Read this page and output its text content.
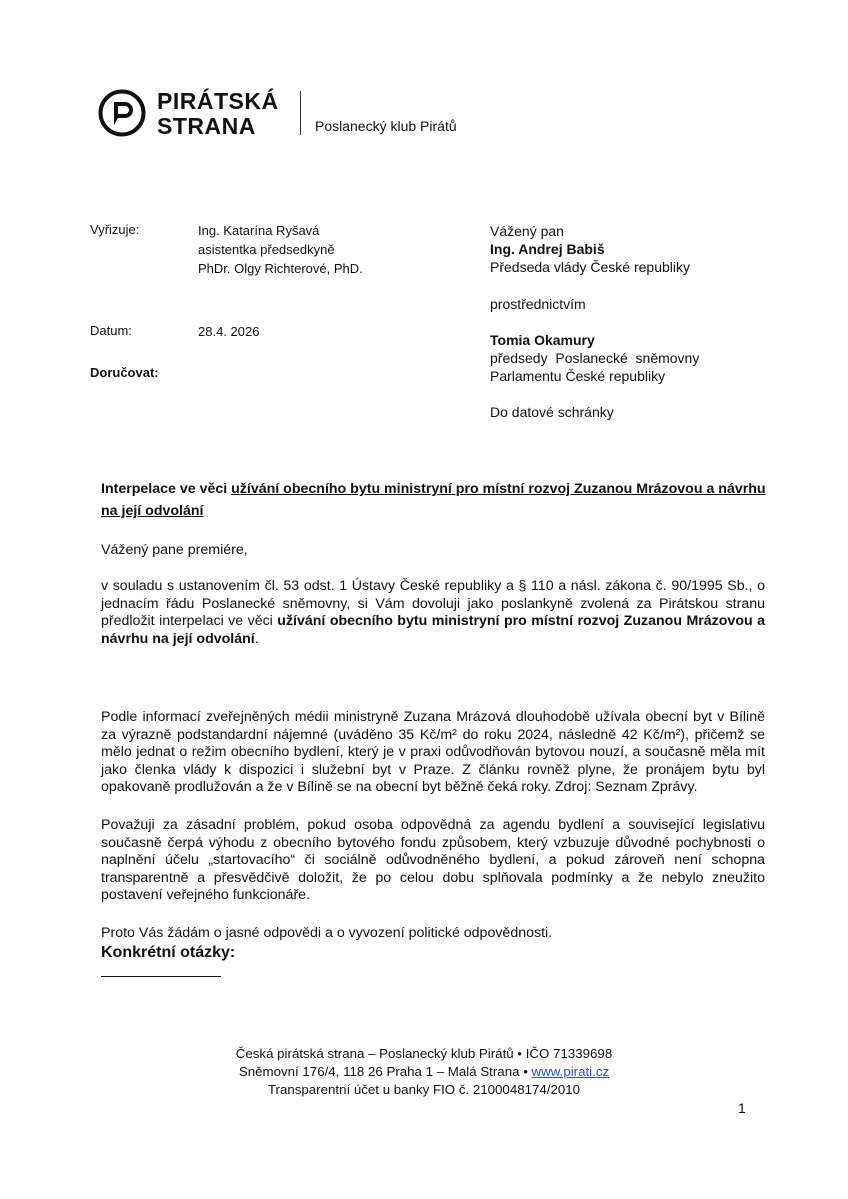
PIRÁTSKÁ
STRANA	Poslanecký klub Pirátů
Vyřizuje:	Ing. Katarína Ryšavá
asistentka předsedkyně
PhDr. Olgy Richterové, PhD.
Datum:	28.4. 2026
Doručovat:
Vážený pan
Ing. Andrej Babiš
Předseda vlády České republiky
prostřednictvím
Tomia Okamury
předsedy  Poslanecké  sněmovny
Parlamentu České republiky
Do datové schránky
Interpelace ve věci užívání obecního bytu ministryní pro místní rozvoj Zuzanou Mrázovou a návrhu na její odvolání
Vážený pane premiére,
v souladu s ustanovením čl. 53 odst. 1 Ústavy České republiky a § 110 a násl. zákona č. 90/1995 Sb., o jednacím řádu Poslanecké sněmovny, si Vám dovoluji jako poslankyně zvolená za Pirátskou stranu předložit interpelaci ve věci užívání obecního bytu ministryní pro místní rozvoj Zuzanou Mrázovou a návrhu na její odvolání.
Podle informací zveřejněných médii ministryně Zuzana Mrázová dlouhodobě užívala obecní byt v Bílině za výrazně podstandardní nájemné (uváděno 35 Kč/m² do roku 2024, následně 42 Kč/m²), přičemž se mělo jednat o režim obecního bydlení, který je v praxi odůvodňován bytovou nouzí, a současně měla mít jako členka vlády k dispozici i služební byt v Praze. Z článku rovněž plyne, že pronájem bytu byl opakovaně prodlužován a že v Bílině se na obecní byt běžně čeká roky. Zdroj: Seznam Zprávy.
Považuji za zásadní problém, pokud osoba odpovědná za agendu bydlení a související legislativu současně čerpá výhodu z obecního bytového fondu způsobem, který vzbuzuje důvodné pochybnosti o naplnění účelu „startovacího“ či sociálně odůvodněného bydlení, a pokud zároveň není schopna transparentně a přesvědčivě doložit, že po celou dobu splňovala podmínky a že nebylo zneužito postavení veřejného funkcionáře.
Proto Vás žádám o jasné odpovědi a o vyvození politické odpovědnosti.
Konkrétní otázky:
Česká pirátská strana – Poslanecký klub Pirátů • IČO 71339698
Sněmovní 176/4, 118 26 Praha 1 – Malá Strana • www.pirati.cz
Transparentní účet u banky FIO č. 2100048174/2010
1
